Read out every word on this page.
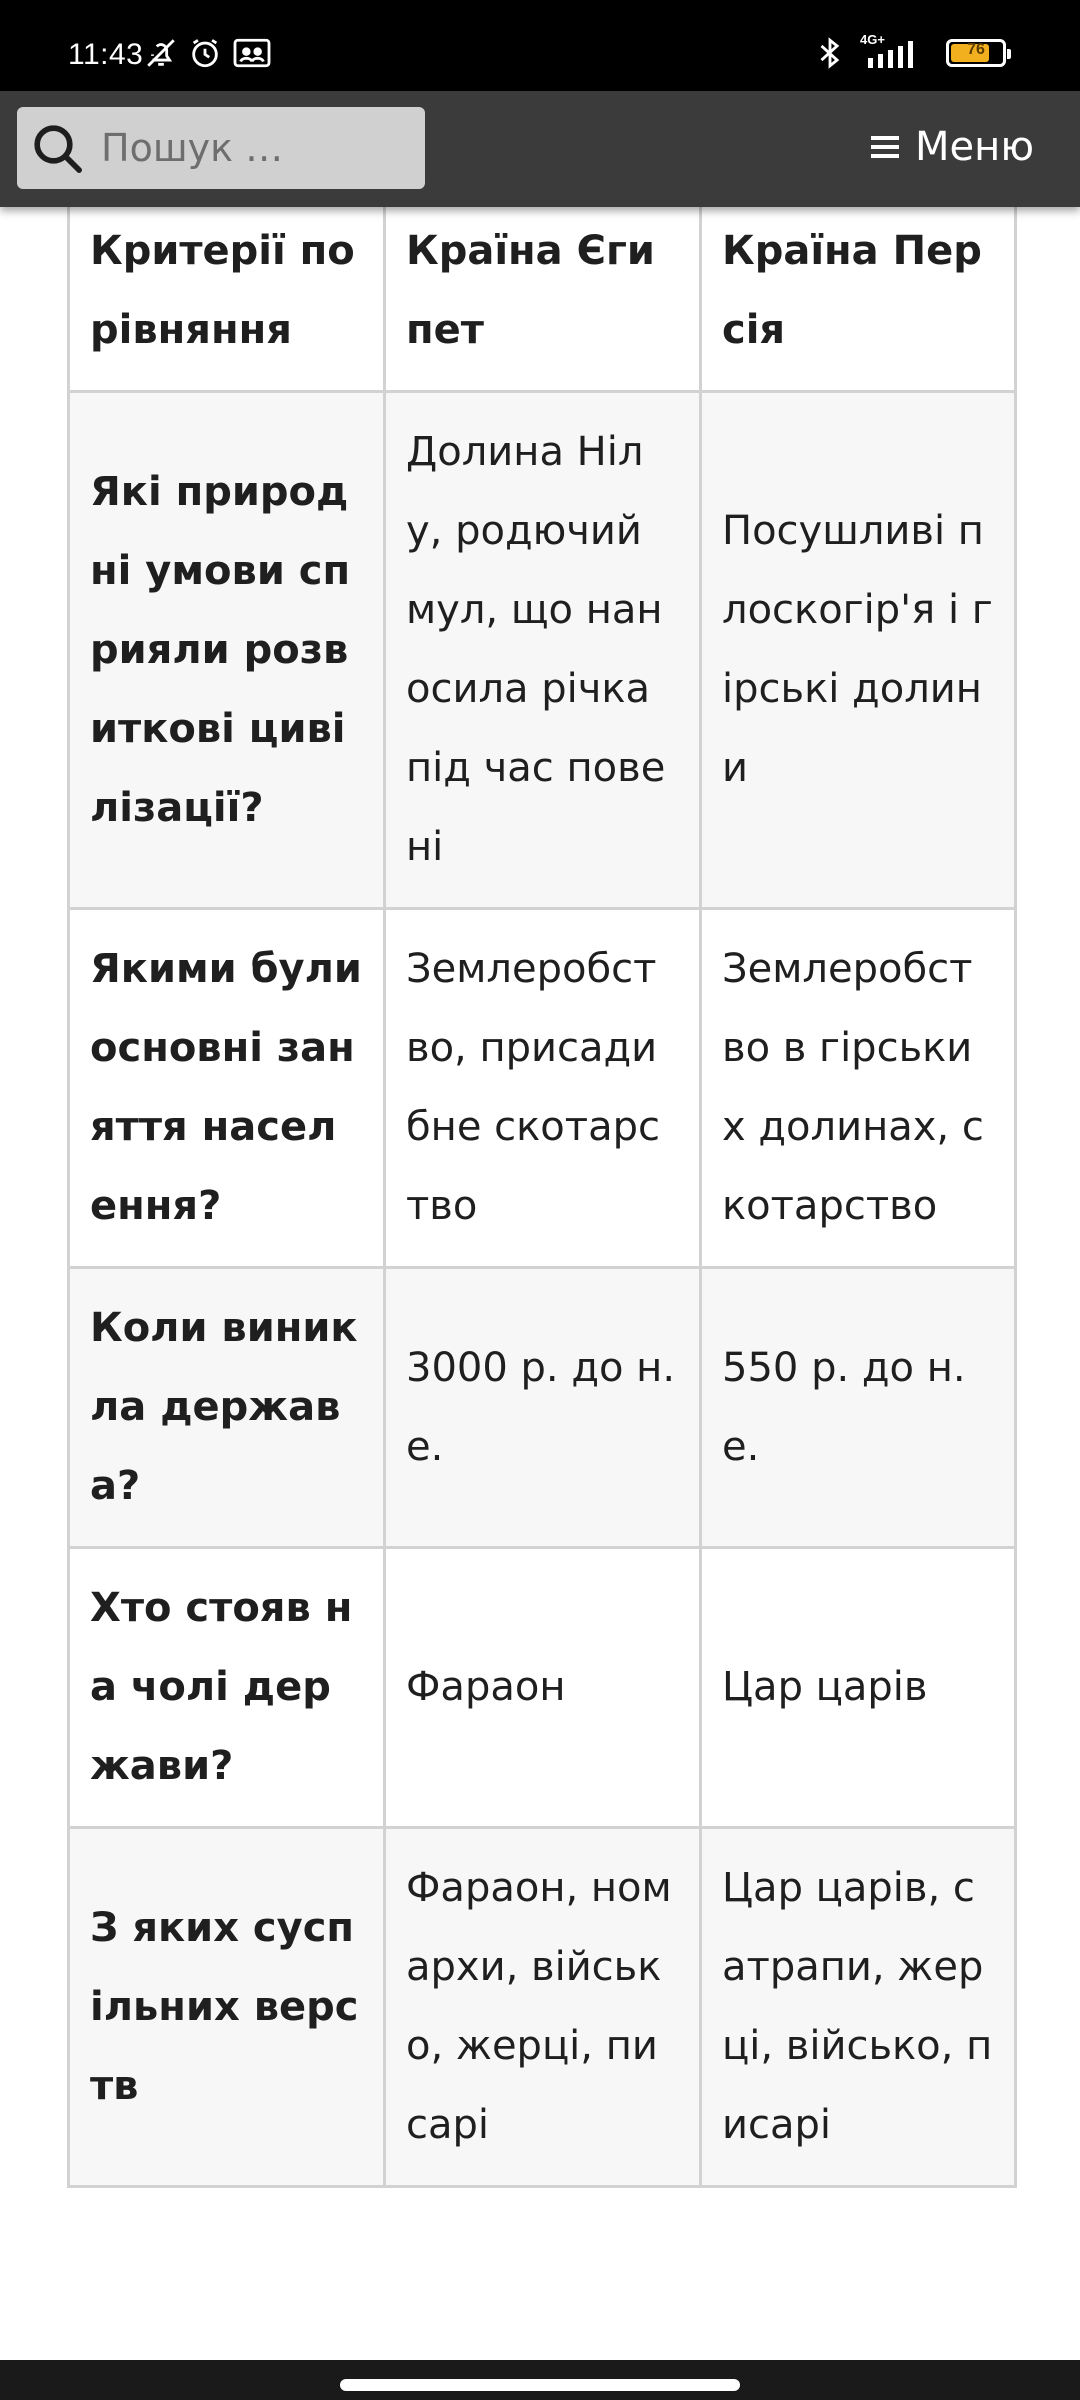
11:43	4G+
76
Пошук …
Меню
Критерії порівняння	Країна Єгипет	Країна Персія
Які природні умови сприяли розвиткові цивілізації?	Долина Нілу, родючий мул, що наносила річка під час повені	Посушливі плоскогір'я і гірські долини
Якими були основні заняття населення?	Землеробство, присадибне скотарство	Землеробство в гірських долинах, скотарство
Коли виникла держава?	3000 р. до н. е.	550 р. до н. е.
Хто стояв на чолі держави?	Фараон	Цар царів
З яких суспільних верств	Фараон, номархи, військо, жерці, писарі	Цар царів, сатрапи, жерці, військо, писарі
